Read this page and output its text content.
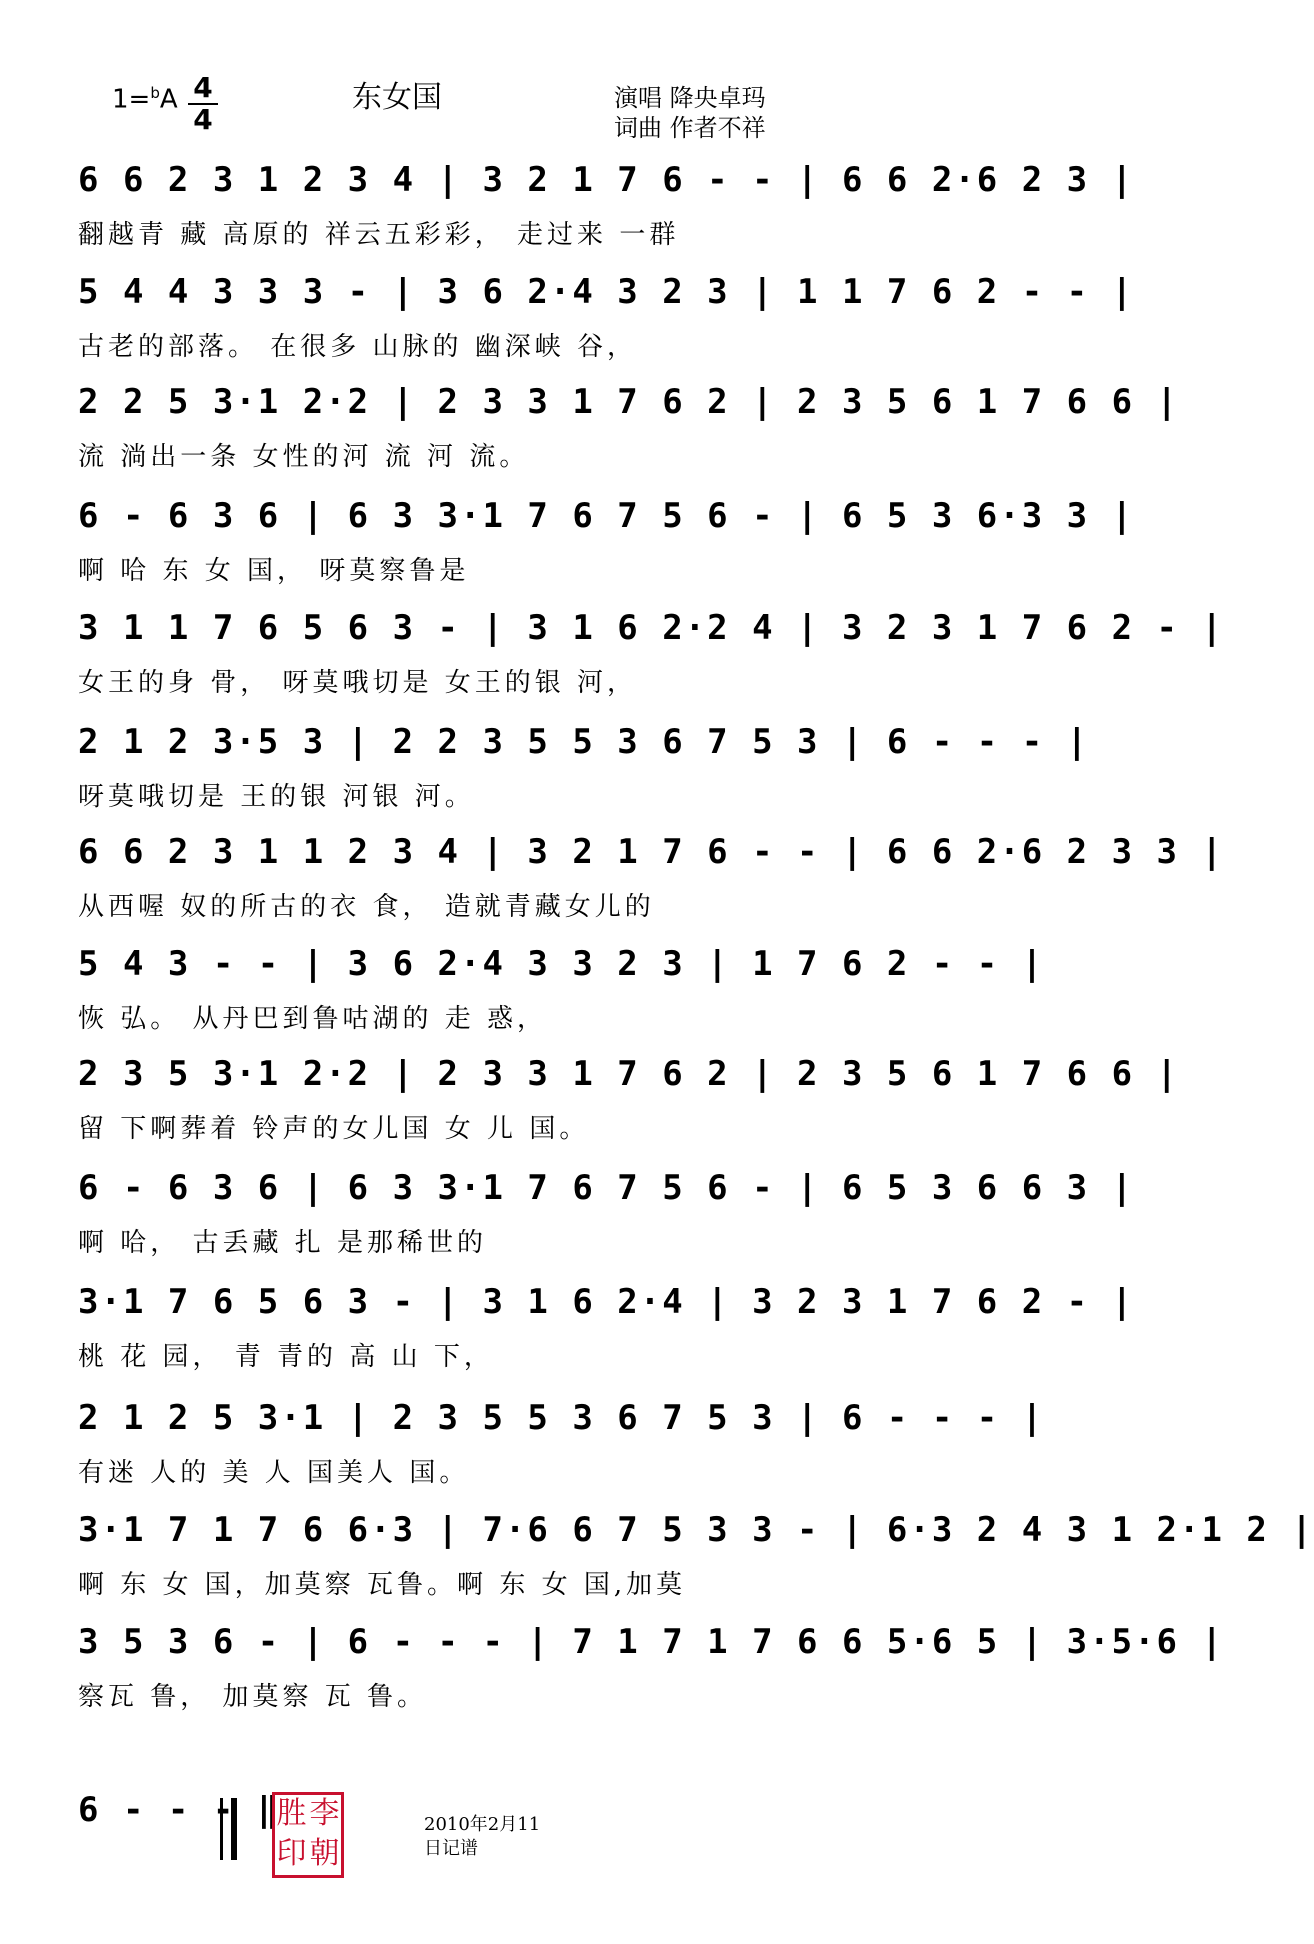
1=$^b$A 4
4
东女国	演唱 降央卓玛
词曲 作者不祥
6 6 2 3 1 2 3 4 | 3 2 1 7 6 - - | 6 6 2·6 2 3 |
翻越青 藏 高原的 祥云五彩彩， 走过来 一群
5 4 4 3 3 3 - | 3 6 2·4 3 2 3 | 1 1 7 6 2 - - |
古老的部落。 在很多 山脉的 幽深峡 谷，
2 2 5 3·1 2·2 | 2 3 3 1 7 6 2 | 2 3 5 6 1 7 6 6 |
流 淌出一条 女性的河 流 河 流。
6 - 6 3 6 | 6 3 3·1 7 6 7 5 6 - | 6 5 3 6·3 3 |
啊 哈 东 女 国， 呀莫察鲁是
3 1 1 7 6 5 6 3 - | 3 1 6 2·2 4 | 3 2 3 1 7 6 2 - |
女王的身 骨， 呀莫哦切是 女王的银 河，
2 1 2 3·5 3 | 2 2 3 5 5 3 6 7 5 3 | 6 - - - |
呀莫哦切是 王的银 河银 河。
6 6 2 3 1 1 2 3 4 | 3 2 1 7 6 - - | 6 6 2·6 2 3 3 |
从西喔 奴的所古的衣 食， 造就青藏女儿的
5 4 3 - - | 3 6 2·4 3 3 2 3 | 1 7 6 2 - - |
恢 弘。 从丹巴到鲁咕湖的 走 惑，
2 3 5 3·1 2·2 | 2 3 3 1 7 6 2 | 2 3 5 6 1 7 6 6 |
留 下啊葬着 铃声的女儿国 女 儿 国。
6 - 6 3 6 | 6 3 3·1 7 6 7 5 6 - | 6 5 3 6 6 3 |
啊 哈， 古丢藏 扎 是那稀世的
3·1 7 6 5 6 3 - | 3 1 6 2·4 | 3 2 3 1 7 6 2 - |
桃 花 园， 青 青的 高 山 下，
2 1 2 5 3·1 | 2 3 5 5 3 6 7 5 3 | 6 - - - |
有迷 人的 美 人 国美人 国。
3·1 7 1 7 6 6·3 | 7·6 6 7 5 3 3 - | 6·3 2 4 3 1 2·1 2 |
啊 东 女 国，加莫察 瓦鲁。啊 东 女 国,加莫
3 5 3 6 - | 6 - - - | 7 1 7 1 7 6 6 5·6 5 | 3·5·6 |
察瓦 鲁， 加莫察 瓦 鲁。
6 - - - ‖
胜 李
印 朝
2010年2月11
日记谱
